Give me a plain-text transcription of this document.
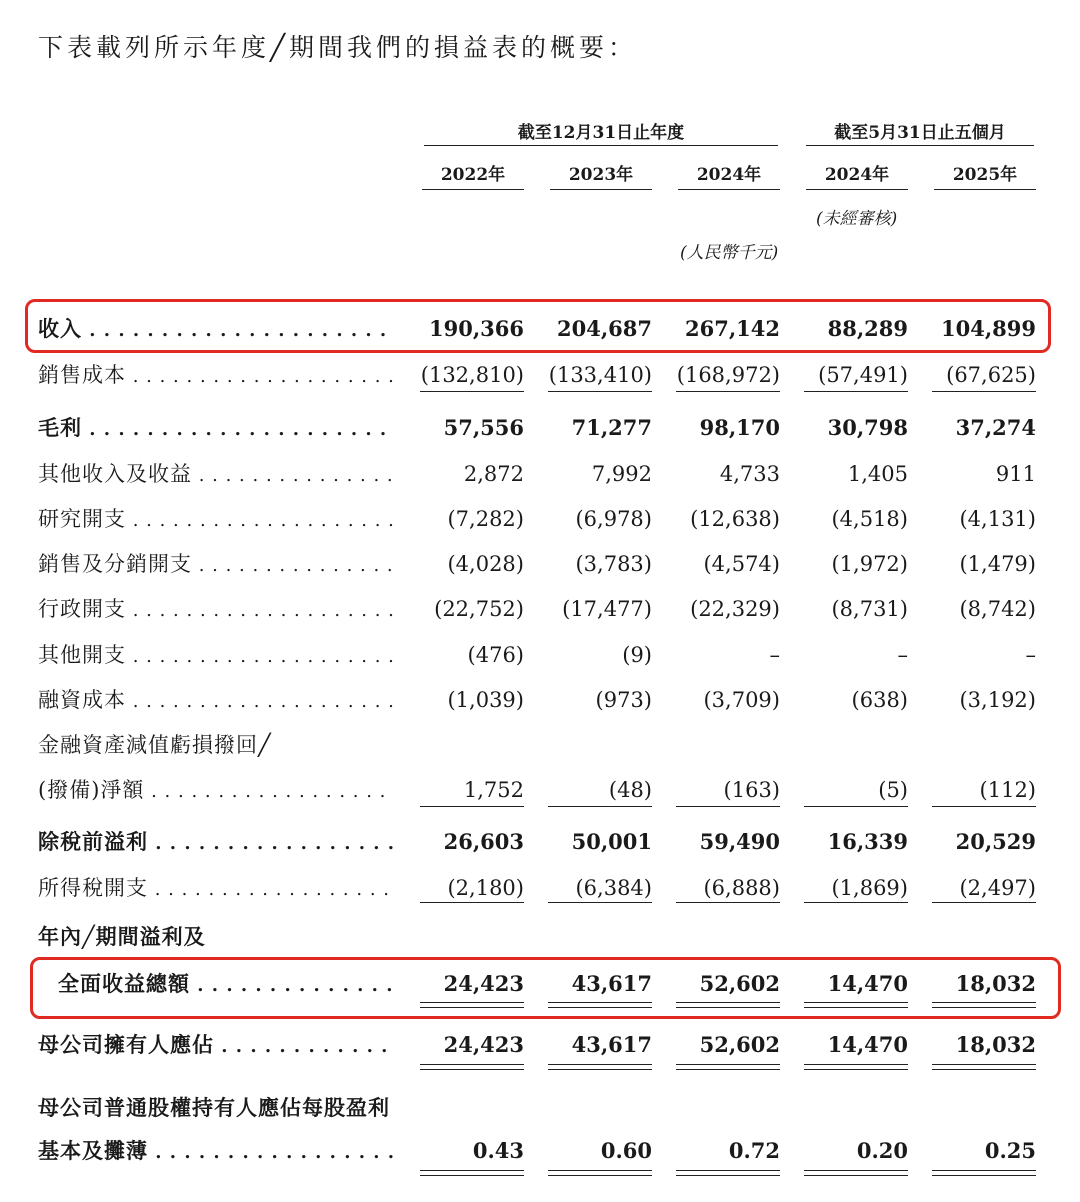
下表載列所示年度╱期間我們的損益表的概要：
截至12月31日止年度	截至5月31日止五個月
2022年	2023年	2024年	2024年	2025年
(未經審核)
(人民幣千元)
收入 . . .	190,366	204,687	267,142	88,289	104,899
銷售成本 . . .	(132,810)	(133,410)	(168,972)	(57,491)	(67,625)
毛利 . . .	57,556	71,277	98,170	30,798	37,274
其他收入及收益 . . .	2,872	7,992	4,733	1,405	911
研究開支 . . .	(7,282)	(6,978)	(12,638)	(4,518)	(4,131)
銷售及分銷開支 . . .	(4,028)	(3,783)	(4,574)	(1,972)	(1,479)
行政開支 . . .	(22,752)	(17,477)	(22,329)	(8,731)	(8,742)
其他開支 . . .	(476)	(9)	–	–	–
融資成本 . . .	(1,039)	(973)	(3,709)	(638)	(3,192)
金融資產減值虧損撥回╱
(撥備)淨額 . . .	1,752	(48)	(163)	(5)	(112)
除稅前溢利 . . .	26,603	50,001	59,490	16,339	20,529
所得稅開支 . . .	(2,180)	(6,384)	(6,888)	(1,869)	(2,497)
年內╱期間溢利及
全面收益總額 . . .	24,423	43,617	52,602	14,470	18,032
母公司擁有人應佔 . . .	24,423	43,617	52,602	14,470	18,032
母公司普通股權持有人應佔每股盈利
基本及攤薄 . . .	0.43	0.60	0.72	0.20	0.25
